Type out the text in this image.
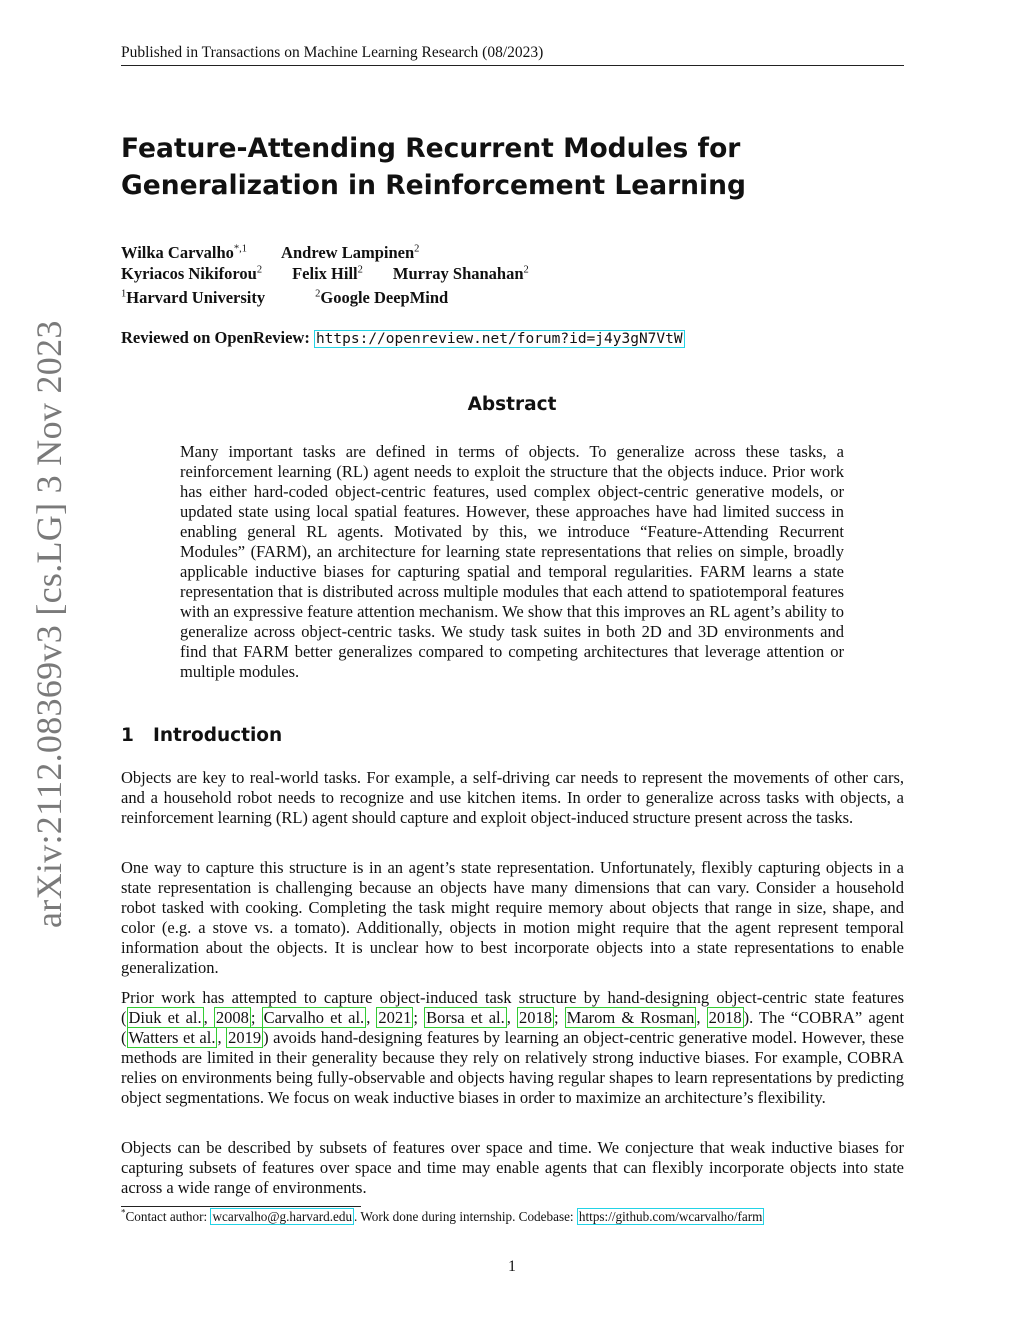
Published in Transactions on Machine Learning Research (08/2023)
arXiv:2112.08369v3 [cs.LG] 3 Nov 2023
Feature-Attending Recurrent Modules for Generalization in Reinforcement Learning
Wilka Carvalho$^{*,1}$ Andrew Lampinen$^2$
Kyriacos Nikiforou$^2$ Felix Hill$^2$ Murray Shanahan$^2$
$^1$Harvard University	$^2$Google DeepMind
Reviewed on OpenReview: https://openreview.net/forum?id=j4y3gN7VtW
Abstract

Many important tasks are defined in terms of objects. To generalize across these tasks, a reinforcement learning (RL) agent needs to exploit the structure that the objects induce. Prior work has either hard-coded object-centric features, used complex object-centric generative models, or updated state using local spatial features. However, these approaches have had limited success in enabling general RL agents. Motivated by this, we introduce “Feature-Attending Recurrent Modules” (FARM), an architecture for learning state representations that relies on simple, broadly applicable inductive biases for capturing spatial and temporal regularities. FARM learns a state representation that is distributed across multiple modules that each attend to spatiotemporal features with an expressive feature attention mechanism. We show that this improves an RL agent’s ability to generalize across object-centric tasks. We study task suites in both 2D and 3D environments and find that FARM better generalizes compared to competing architectures that leverage attention or multiple modules.

1 Introduction

Objects are key to real-world tasks. For example, a self-driving car needs to represent the movements of other cars, and a household robot needs to recognize and use kitchen items. In order to generalize across tasks with objects, a reinforcement learning (RL) agent should capture and exploit object-induced structure present across the tasks.

One way to capture this structure is in an agent’s state representation. Unfortunately, flexibly capturing objects in a state representation is challenging because an objects have many dimensions that can vary. Consider a household robot tasked with cooking. Completing the task might require memory about objects that range in size, shape, and color (e.g. a stove vs. a tomato). Additionally, objects in motion might require that the agent represent temporal information about the objects. It is unclear how to best incorporate objects into a state representations to enable generalization.

Prior work has attempted to capture object-induced task structure by hand-designing object-centric state features ( Diuk et al. , 2008 ; Carvalho et al. , 2021 ; Borsa et al. , 2018 ; Marom & Rosman , 2018 ). The “COBRA” agent ( Watters et al. , 2019 ) avoids hand-designing features by learning an object-centric generative model. However, these methods are limited in their generality because they rely on relatively strong inductive biases. For example, COBRA relies on environments being fully-observable and objects having regular shapes to learn representations by predicting object segmentations. We focus on weak inductive biases in order to maximize an architecture’s flexibility.

Objects can be described by subsets of features over space and time. We conjecture that weak inductive biases for capturing subsets of features over space and time may enable agents that can flexibly incorporate objects into state across a wide range of environments.

*Contact author: wcarvalho@g.harvard.edu . Work done during internship. Codebase: https://github.com/wcarvalho/farm
1
